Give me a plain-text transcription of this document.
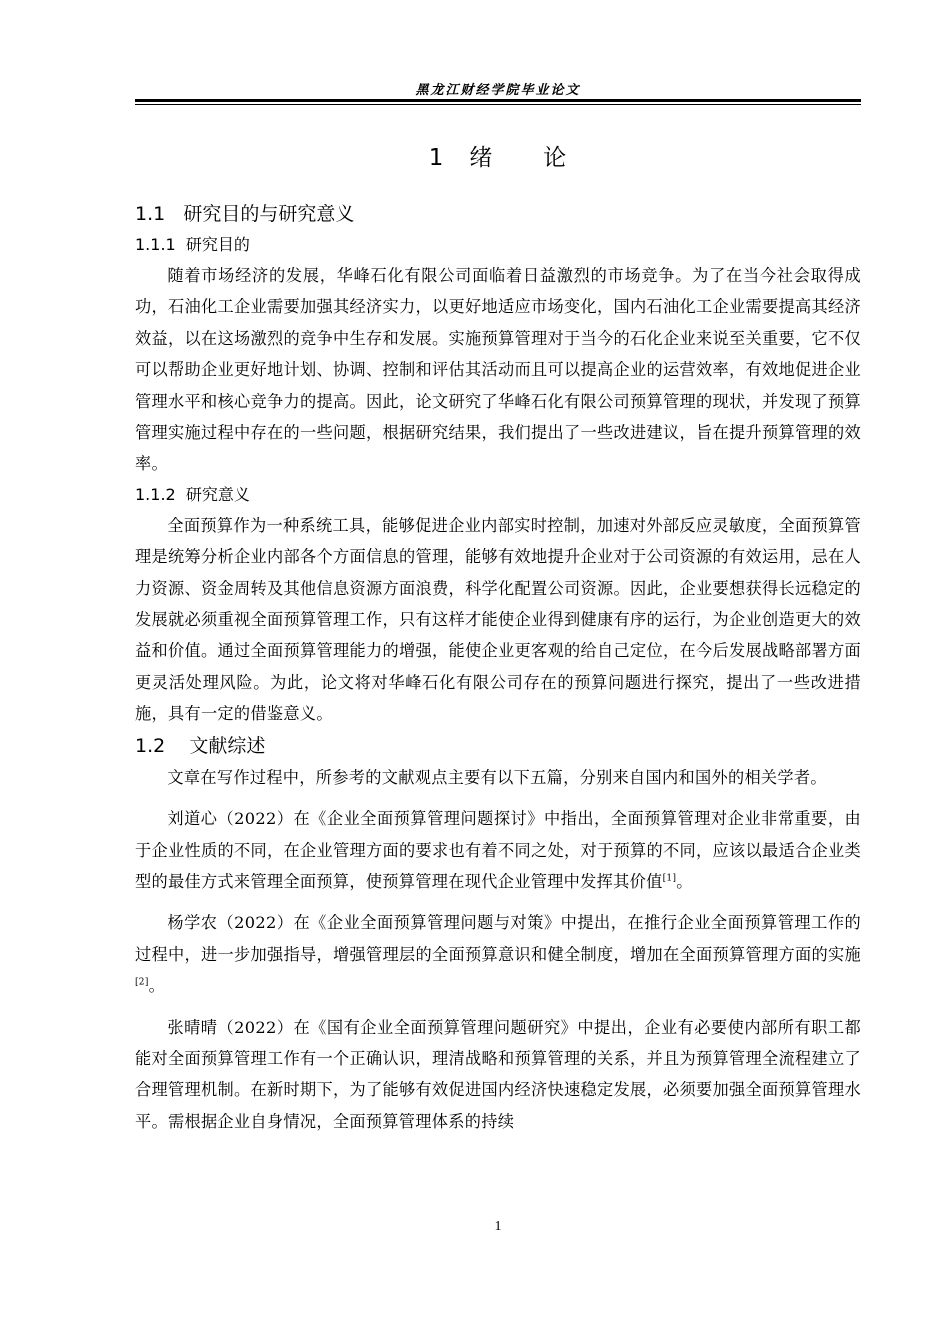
黑龙江财经学院毕业论文
1   绪      论
1.1   研究目的与研究意义
1.1.1  研究目的

随着市场经济的发展，华峰石化有限公司面临着日益激烈的市场竞争。为了在当今社会取得成功，石油化工企业需要加强其经济实力，以更好地适应市场变化，国内石油化工企业需要提高其经济效益，以在这场激烈的竞争中生存和发展。实施预算管理对于当今的石化企业来说至关重要，它不仅可以帮助企业更好地计划、协调、控制和评估其活动而且可以提高企业的运营效率，有效地促进企业管理水平和核心竞争力的提高。因此，论文研究了华峰石化有限公司预算管理的现状，并发现了预算管理实施过程中存在的一些问题，根据研究结果，我们提出了一些改进建议，旨在提升预算管理的效率。

1.1.2  研究意义

全面预算作为一种系统工具，能够促进企业内部实时控制，加速对外部反应灵敏度，全面预算管理是统筹分析企业内部各个方面信息的管理，能够有效地提升企业对于公司资源的有效运用，忌在人力资源、资金周转及其他信息资源方面浪费，科学化配置公司资源。因此，企业要想获得长远稳定的发展就必须重视全面预算管理工作，只有这样才能使企业得到健康有序的运行，为企业创造更大的效益和价值。通过全面预算管理能力的增强，能使企业更客观的给自己定位，在今后发展战略部署方面更灵活处理风险。为此，论文将对华峰石化有限公司存在的预算问题进行探究，提出了一些改进措施，具有一定的借鉴意义。

1.2    文献综述

文章在写作过程中，所参考的文献观点主要有以下五篇，分别来自国内和国外的相关学者。

刘道心（2022）在《企业全面预算管理问题探讨》中指出，全面预算管理对企业非常重要，由于企业性质的不同，在企业管理方面的要求也有着不同之处，对于预算的不同，应该以最适合企业类型的最佳方式来管理全面预算，使预算管理在现代企业管理中发挥其价值[1]。

杨学农（2022）在《企业全面预算管理问题与对策》中提出，在推行企业全面预算管理工作的过程中，进一步加强指导，增强管理层的全面预算意识和健全制度，增加在全面预算管理方面的实施[2]。

张晴晴（2022）在《国有企业全面预算管理问题研究》中提出，企业有必要使内部所有职工都能对全面预算管理工作有一个正确认识，理清战略和预算管理的关系，并且为预算管理全流程建立了合理管理机制。在新时期下，为了能够有效促进国内经济快速稳定发展，必须要加强全面预算管理水平。需根据企业自身情况，全面预算管理体系的持续

1
